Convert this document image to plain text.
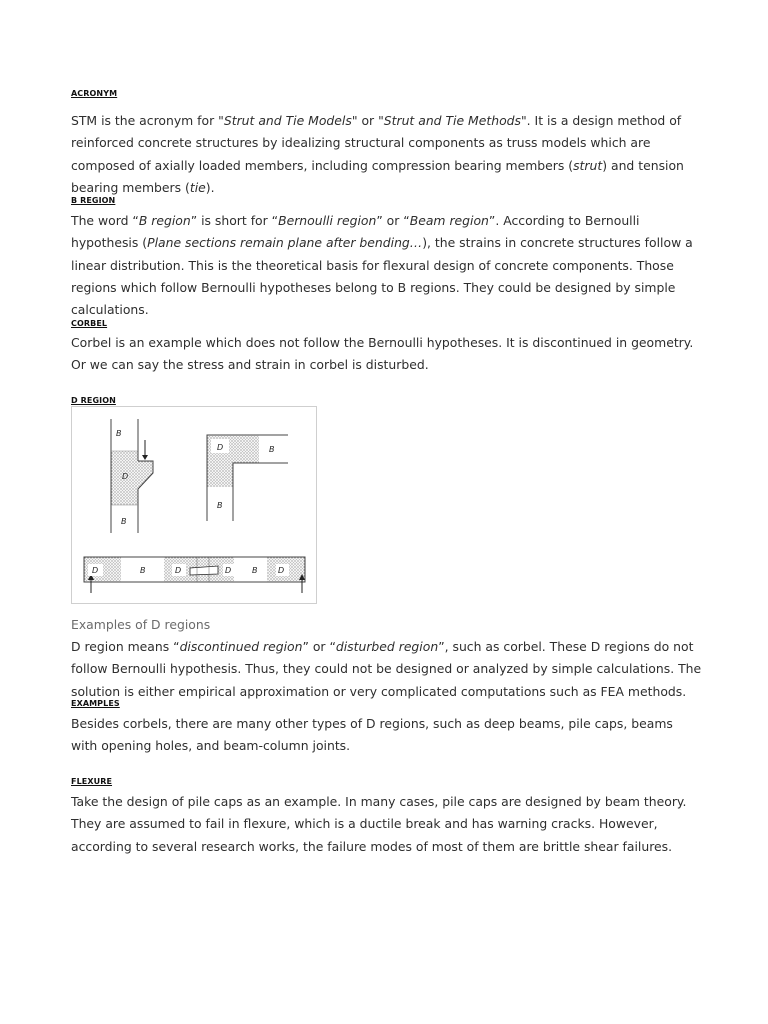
ACRONYM
STM is the acronym for "Strut and Tie Models" or "Strut and Tie Methods". It is a design method of reinforced concrete structures by idealizing structural components as truss models which are composed of axially loaded members, including compression bearing members (strut) and tension bearing members (tie).
B REGION
The word “B region” is short for “Bernoulli region” or “Beam region”. According to Bernoulli hypothesis (Plane sections remain plane after bending…), the strains in concrete structures follow a linear distribution. This is the theoretical basis for flexural design of concrete components. Those regions which follow Bernoulli hypotheses belong to B regions. They could be designed by simple calculations.
CORBEL
Corbel is an example which does not follow the Bernoulli hypotheses. It is discontinued in geometry. Or we can say the stress and strain in corbel is disturbed.
D REGION
B
D
B
D	B
B
D	B	D	D	B	D
Examples of D regions
D region means “discontinued region” or “disturbed region”, such as corbel. These D regions do not follow Bernoulli hypothesis. Thus, they could not be designed or analyzed by simple calculations. The solution is either empirical approximation or very complicated computations such as FEA methods.
EXAMPLES
Besides corbels, there are many other types of D regions, such as deep beams, pile caps, beams with opening holes, and beam-column joints.
FLEXURE
Take the design of pile caps as an example. In many cases, pile caps are designed by beam theory. They are assumed to fail in flexure, which is a ductile break and has warning cracks. However, according to several research works, the failure modes of most of them are brittle shear failures.
